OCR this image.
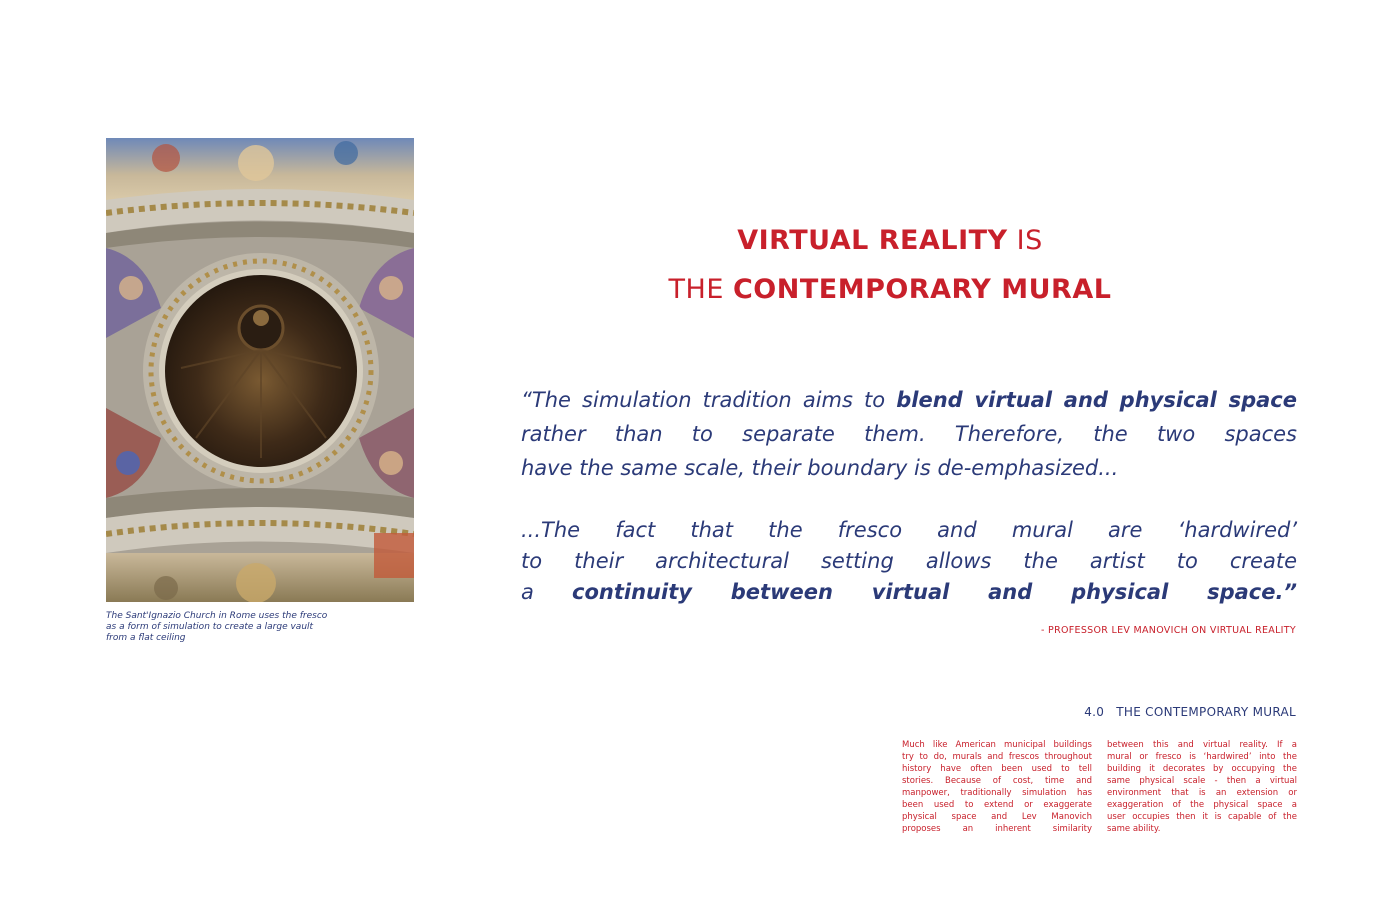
The Sant'Ignazio Church in Rome uses the fresco
as a form of simulation to create a large vault
from a flat ceiling
VIRTUAL REALITY IS
THE CONTEMPORARY MURAL
“The simulation tradition aims to blend virtual and physical space
rather than to separate them. Therefore, the two spaces
have the same scale, their boundary is de-emphasized...
...The fact that the fresco and mural are ‘hardwired’
to their architectural setting allows the artist to create
a continuity between virtual and physical space.”
- PROFESSOR LEV MANOVICH ON VIRTUAL REALITY
4.0 THE CONTEMPORARY MURAL
Much like American municipal buildings
try to do, murals and frescos throughout
history have often been used to tell
stories. Because of cost, time and
manpower, traditionally simulation has
been used to extend or exaggerate
physical space and Lev Manovich
proposes an inherent similarity
between this and virtual reality. If a
mural or fresco is ‘hardwired’ into the
building it decorates by occupying the
same physical scale - then a virtual
environment that is an extension or
exaggeration of the physical space a
user occupies then it is capable of the
same ability.
